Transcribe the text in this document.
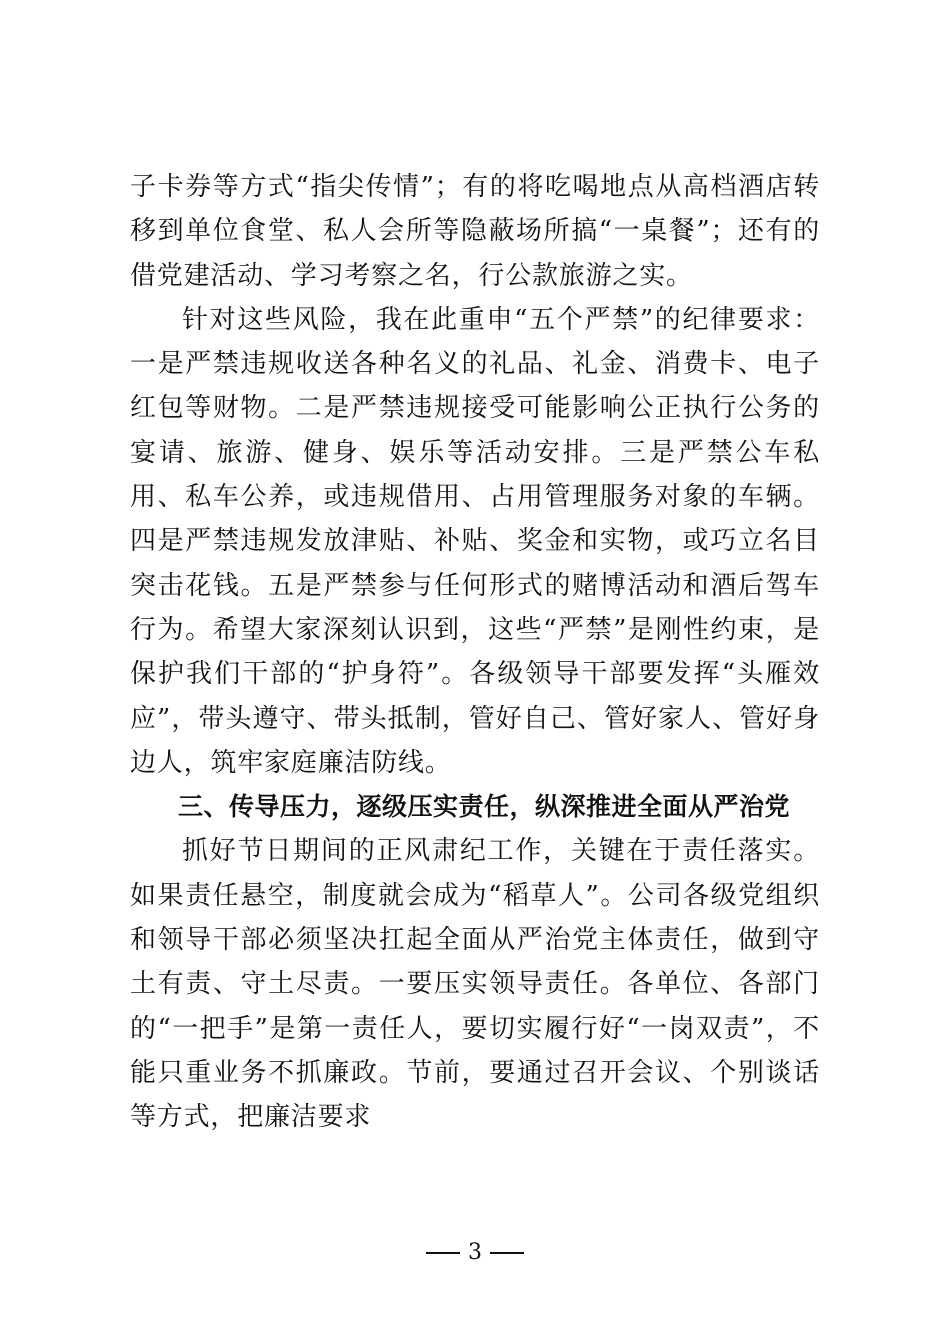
子卡券等方式“指尖传情”；有的将吃喝地点从高档酒店转移到单位食堂、私人会所等隐蔽场所搞“一桌餐”；还有的借党建活动、学习考察之名，行公款旅游之实。

针对这些风险，我在此重申“五个严禁”的纪律要求：一是严禁违规收送各种名义的礼品、礼金、消费卡、电子红包等财物。二是严禁违规接受可能影响公正执行公务的宴请、旅游、健身、娱乐等活动安排。三是严禁公车私用、私车公养，或违规借用、占用管理服务对象的车辆。四是严禁违规发放津贴、补贴、奖金和实物，或巧立名目突击花钱。五是严禁参与任何形式的赌博活动和酒后驾车行为。希望大家深刻认识到，这些“严禁”是刚性约束，是保护我们干部的“护身符”。各级领导干部要发挥“头雁效应”，带头遵守、带头抵制，管好自己、管好家人、管好身边人，筑牢家庭廉洁防线。

三、传导压力，逐级压实责任，纵深推进全面从严治党

抓好节日期间的正风肃纪工作，关键在于责任落实。如果责任悬空，制度就会成为“稻草人”。公司各级党组织和领导干部必须坚决扛起全面从严治党主体责任，做到守土有责、守土尽责。一要压实领导责任。各单位、各部门的“一把手”是第一责任人，要切实履行好“一岗双责”，不能只重业务不抓廉政。节前，要通过召开会议、个别谈话等方式，把廉洁要求

3
